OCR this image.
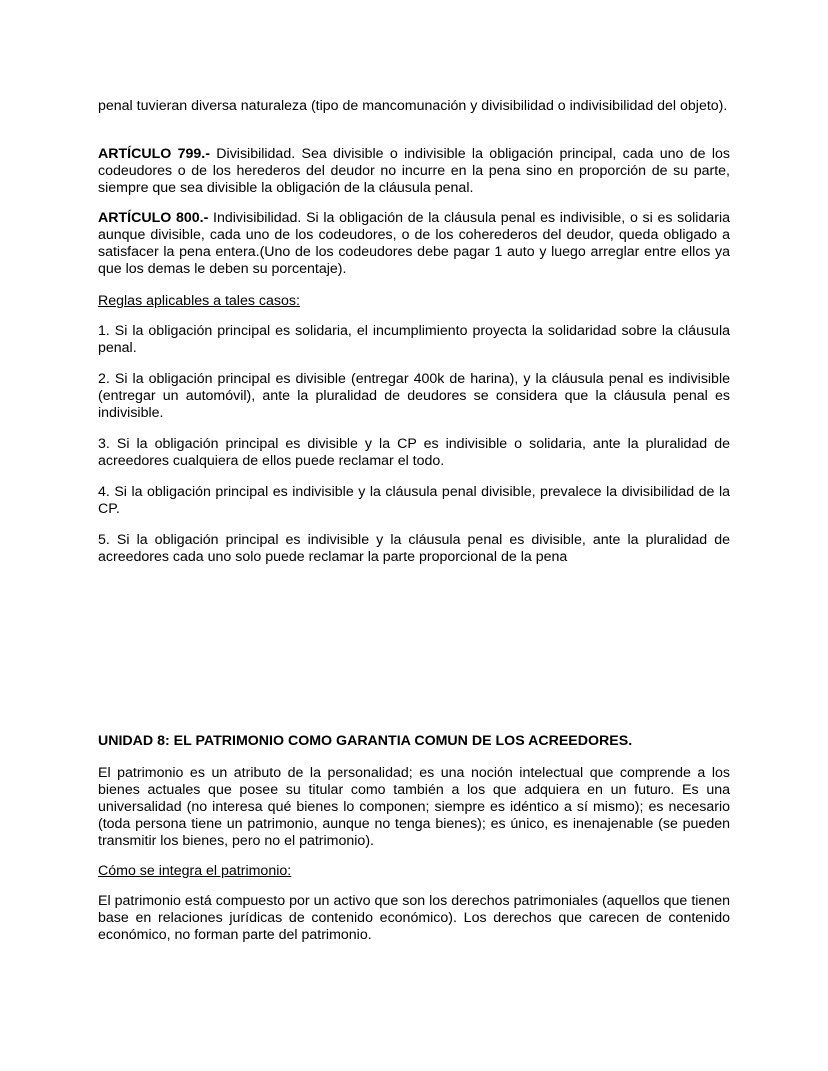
penal tuvieran diversa naturaleza (tipo de mancomunación y divisibilidad o indivisibilidad del objeto).

ARTÍCULO 799.- Divisibilidad. Sea divisible o indivisible la obligación principal, cada uno de los codeudores o de los herederos del deudor no incurre en la pena sino en proporción de su parte, siempre que sea divisible la obligación de la cláusula penal.

ARTÍCULO 800.- Indivisibilidad. Si la obligación de la cláusula penal es indivisible, o si es solidaria aunque divisible, cada uno de los codeudores, o de los coherederos del deudor, queda obligado a satisfacer la pena entera.(Uno de los codeudores debe pagar 1 auto y luego arreglar entre ellos ya que los demas le deben su porcentaje).

Reglas aplicables a tales casos:

1. Si la obligación principal es solidaria, el incumplimiento proyecta la solidaridad sobre la cláusula penal.

2. Si la obligación principal es divisible (entregar 400k de harina), y la cláusula penal es indivisible (entregar un automóvil), ante la pluralidad de deudores se considera que la cláusula penal es indivisible.

3. Si la obligación principal es divisible y la CP es indivisible o solidaria, ante la pluralidad de acreedores cualquiera de ellos puede reclamar el todo.

4. Si la obligación principal es indivisible y la cláusula penal divisible, prevalece la divisibilidad de la CP.

5. Si la obligación principal es indivisible y la cláusula penal es divisible, ante la pluralidad de acreedores cada uno solo puede reclamar la parte proporcional de la pena

UNIDAD 8: EL PATRIMONIO COMO GARANTIA COMUN DE LOS ACREEDORES.

El patrimonio es un atributo de la personalidad; es una noción intelectual que comprende a los bienes actuales que posee su titular como también a los que adquiera en un futuro. Es una universalidad (no interesa qué bienes lo componen; siempre es idéntico a sí mismo); es necesario (toda persona tiene un patrimonio, aunque no tenga bienes); es único, es inenajenable (se pueden transmitir los bienes, pero no el patrimonio).

Cómo se integra el patrimonio:

El patrimonio está compuesto por un activo que son los derechos patrimoniales (aquellos que tienen base en relaciones jurídicas de contenido económico). Los derechos que carecen de contenido económico, no forman parte del patrimonio.
